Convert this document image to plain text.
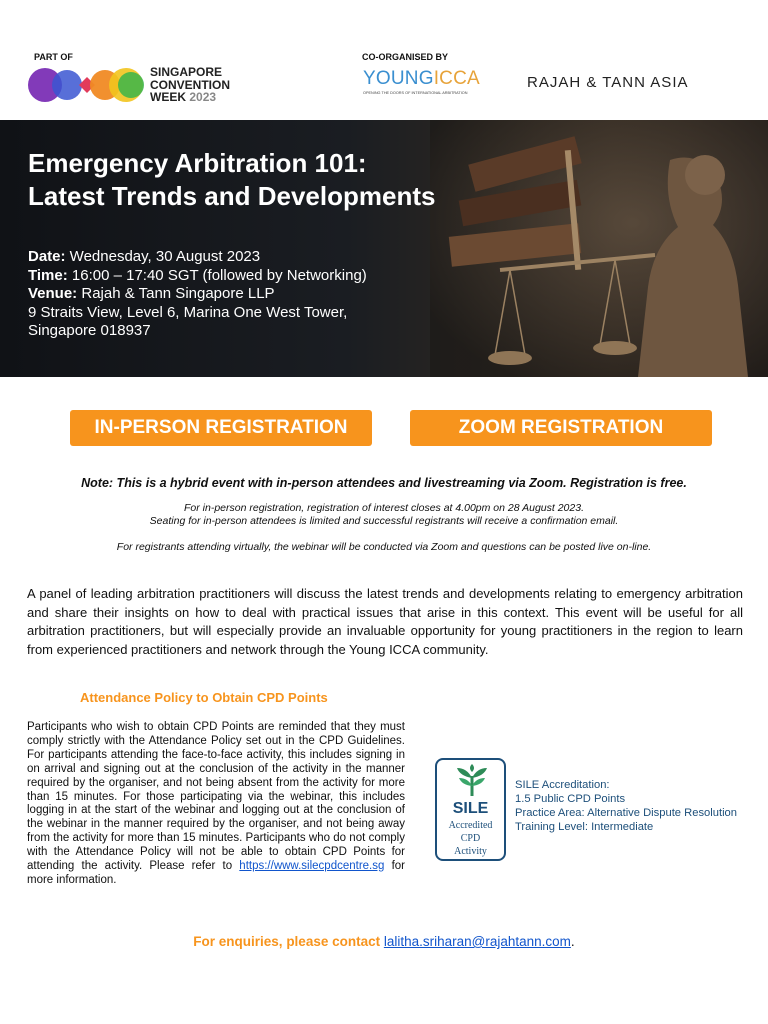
PART OF
SINGAPORE
CONVENTION
WEEK 2023
CO-ORGANISED BY
YOUNGICCA
OPENING THE DOORS OF INTERNATIONAL ARBITRATION
RAJAH & TANN ASIA
Emergency Arbitration 101:
Latest Trends and Developments
Date: Wednesday, 30 August 2023
Time: 16:00 – 17:40 SGT (followed by Networking)
Venue: Rajah & Tann Singapore LLP
9 Straits View, Level 6, Marina One West Tower,
Singapore 018937
IN-PERSON REGISTRATION	ZOOM REGISTRATION
Note: This is a hybrid event with in-person attendees and livestreaming via Zoom. Registration is free.
For in-person registration, registration of interest closes at 4.00pm on 28 August 2023.
Seating for in-person attendees is limited and successful registrants will receive a confirmation email.
For registrants attending virtually, the webinar will be conducted via Zoom and questions can be posted live on-line.
A panel of leading arbitration practitioners will discuss the latest trends and developments relating to emergency arbitration and share their insights on how to deal with practical issues that arise in this context. This event will be useful for all arbitration practitioners, but will especially provide an invaluable opportunity for young practitioners in the region to learn from experienced practitioners and network through the Young ICCA community.
Attendance Policy to Obtain CPD Points
Participants who wish to obtain CPD Points are reminded that they must comply strictly with the Attendance Policy set out in the CPD Guidelines. For participants attending the face-to-face activity, this includes signing in on arrival and signing out at the conclusion of the activity in the manner required by the organiser, and not being absent from the activity for more than 15 minutes. For those participating via the webinar, this includes logging in at the start of the webinar and logging out at the conclusion of the webinar in the manner required by the organiser, and not being away from the activity for more than 15 minutes. Participants who do not comply with the Attendance Policy will not be able to obtain CPD Points for attending the activity. Please refer to https://www.silecpdcentre.sg for more information.
SILE
Accredited
CPD
Activity
SILE Accreditation:
1.5 Public CPD Points
Practice Area: Alternative Dispute Resolution
Training Level: Intermediate
For enquiries, please contact lalitha.sriharan@rajahtann.com.
